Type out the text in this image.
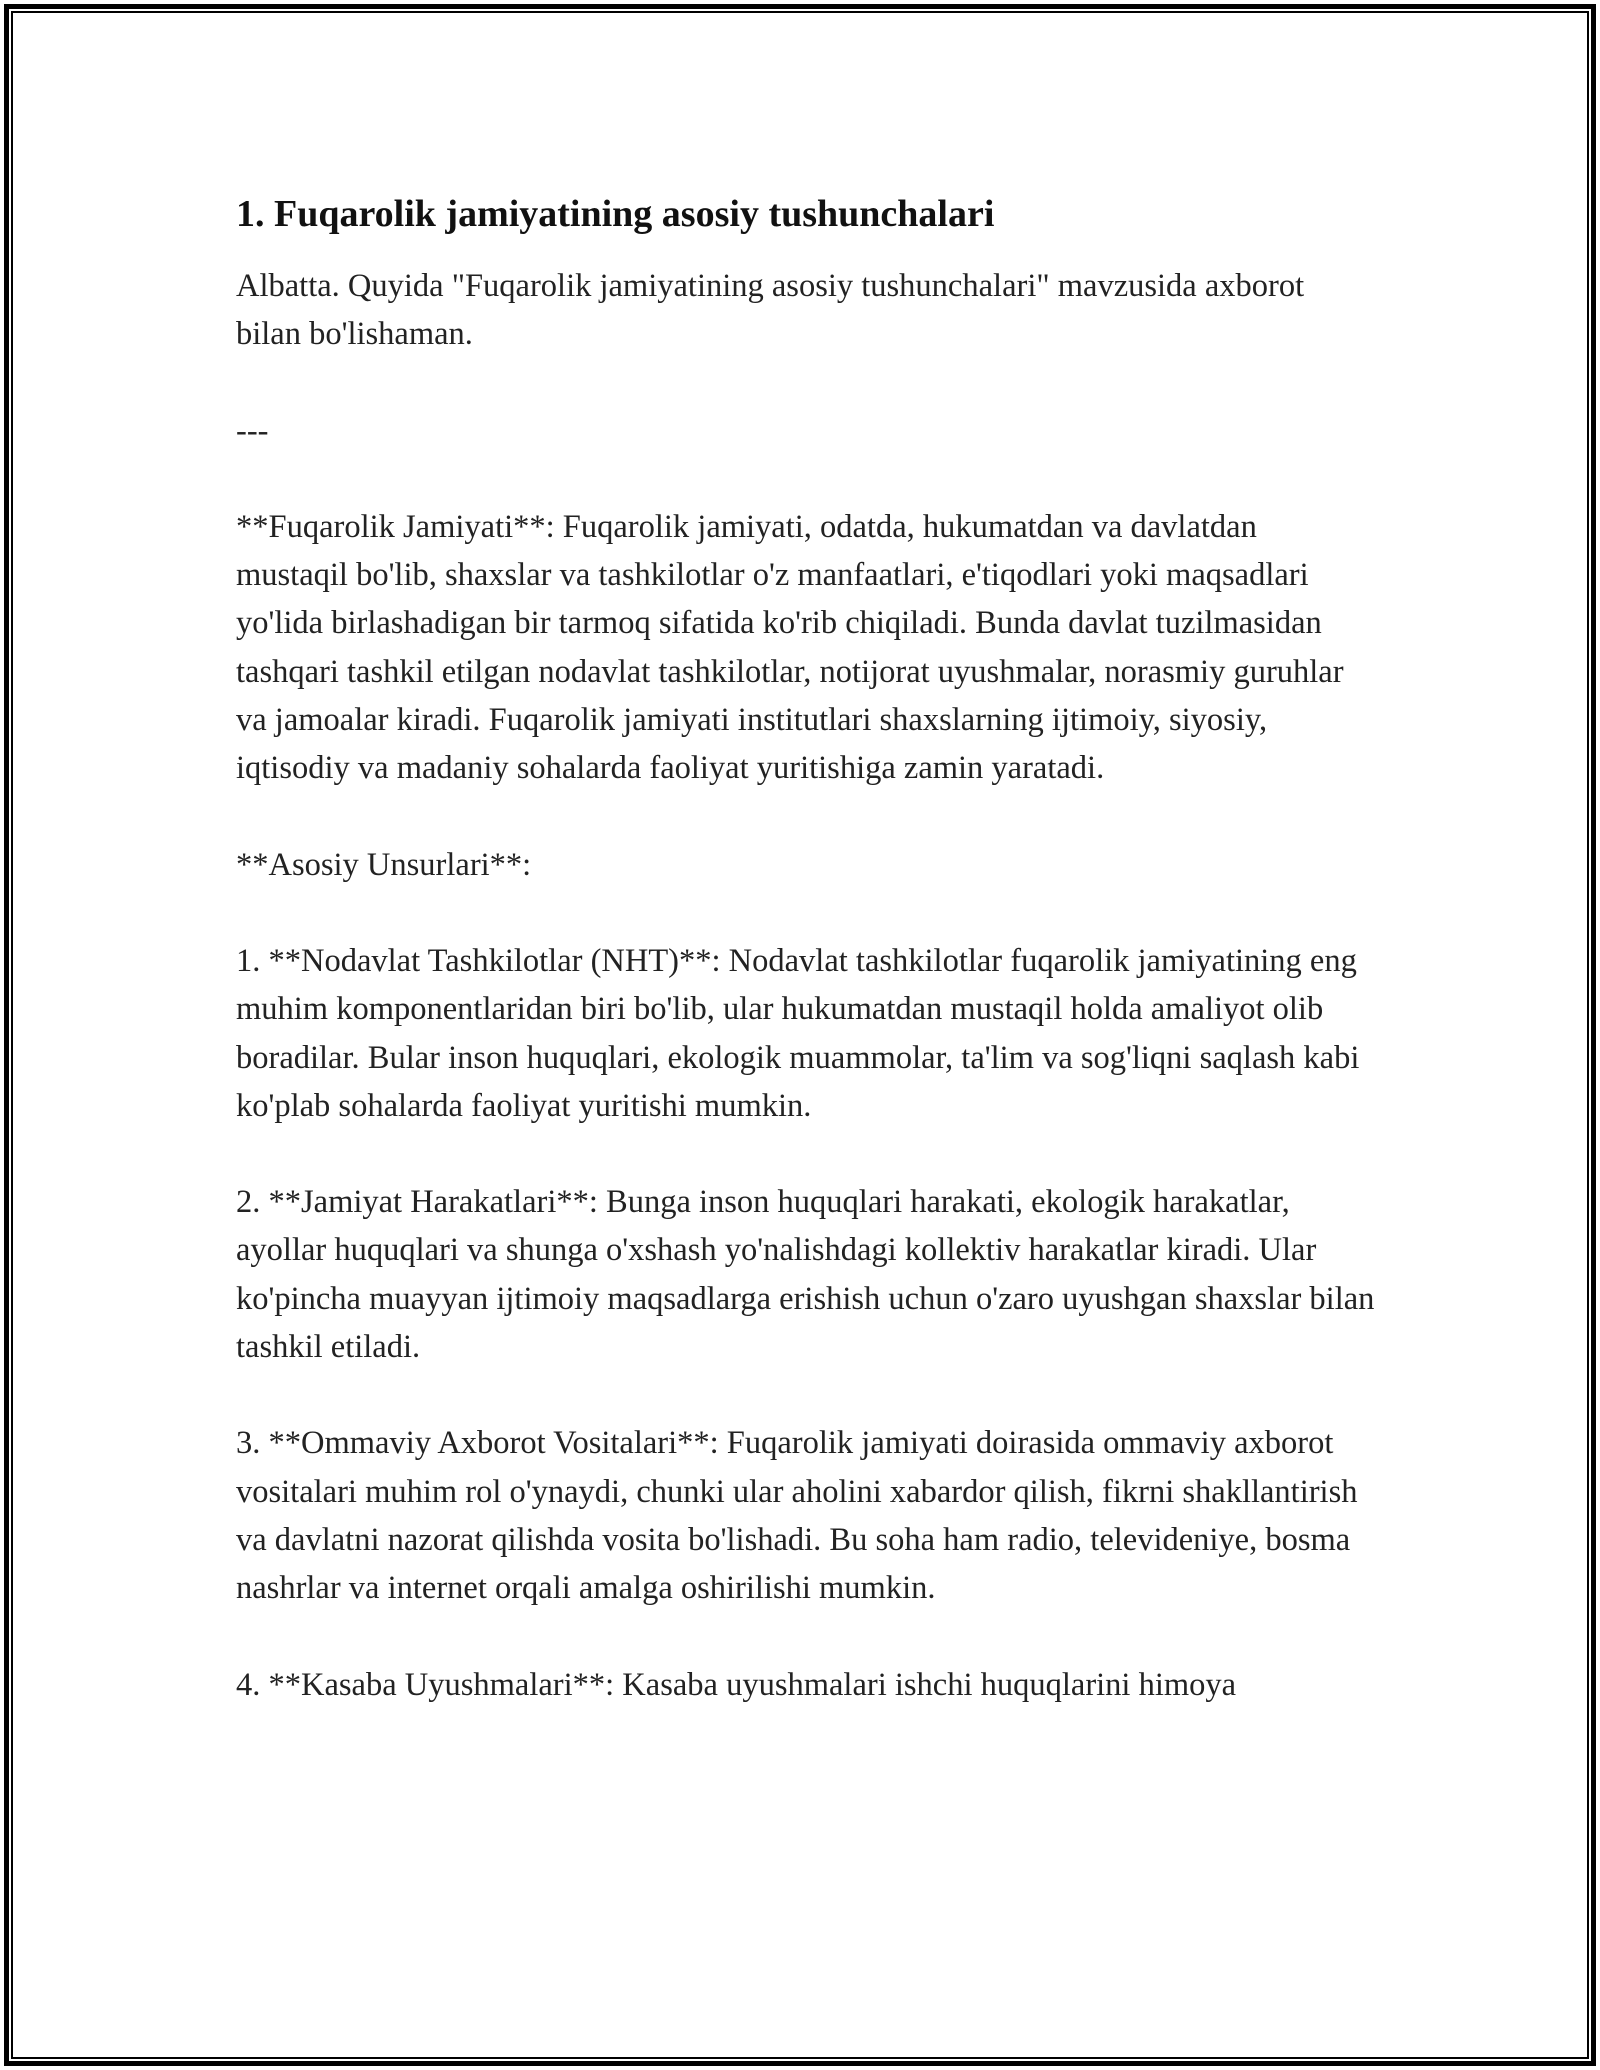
1. Fuqarolik jamiyatining asosiy tushunchalari

Albatta. Quyida "Fuqarolik jamiyatining asosiy tushunchalari" mavzusida axborot bilan bo'lishaman.

---

**Fuqarolik Jamiyati**: Fuqarolik jamiyati, odatda, hukumatdan va davlatdan mustaqil bo'lib, shaxslar va tashkilotlar o'z manfaatlari, e'tiqodlari yoki maqsadlari yo'lida birlashadigan bir tarmoq sifatida ko'rib chiqiladi. Bunda davlat tuzilmasidan tashqari tashkil etilgan nodavlat tashkilotlar, notijorat uyushmalar, norasmiy guruhlar va jamoalar kiradi. Fuqarolik jamiyati institutlari shaxslarning ijtimoiy, siyosiy, iqtisodiy va madaniy sohalarda faoliyat yuritishiga zamin yaratadi.

**Asosiy Unsurlari**:

1. **Nodavlat Tashkilotlar (NHT)**: Nodavlat tashkilotlar fuqarolik jamiyatining eng muhim komponentlaridan biri bo'lib, ular hukumatdan mustaqil holda amaliyot olib boradilar. Bular inson huquqlari, ekologik muammolar, ta'lim va sog'liqni saqlash kabi ko'plab sohalarda faoliyat yuritishi mumkin.

2. **Jamiyat Harakatlari**: Bunga inson huquqlari harakati, ekologik harakatlar, ayollar huquqlari va shunga o'xshash yo'nalishdagi kollektiv harakatlar kiradi. Ular ko'pincha muayyan ijtimoiy maqsadlarga erishish uchun o'zaro uyushgan shaxslar bilan tashkil etiladi.

3. **Ommaviy Axborot Vositalari**: Fuqarolik jamiyati doirasida ommaviy axborot vositalari muhim rol o'ynaydi, chunki ular aholini xabardor qilish, fikrni shakllantirish va davlatni nazorat qilishda vosita bo'lishadi. Bu soha ham radio, televideniye, bosma nashrlar va internet orqali amalga oshirilishi mumkin.

4. **Kasaba Uyushmalari**: Kasaba uyushmalari ishchi huquqlarini himoya
